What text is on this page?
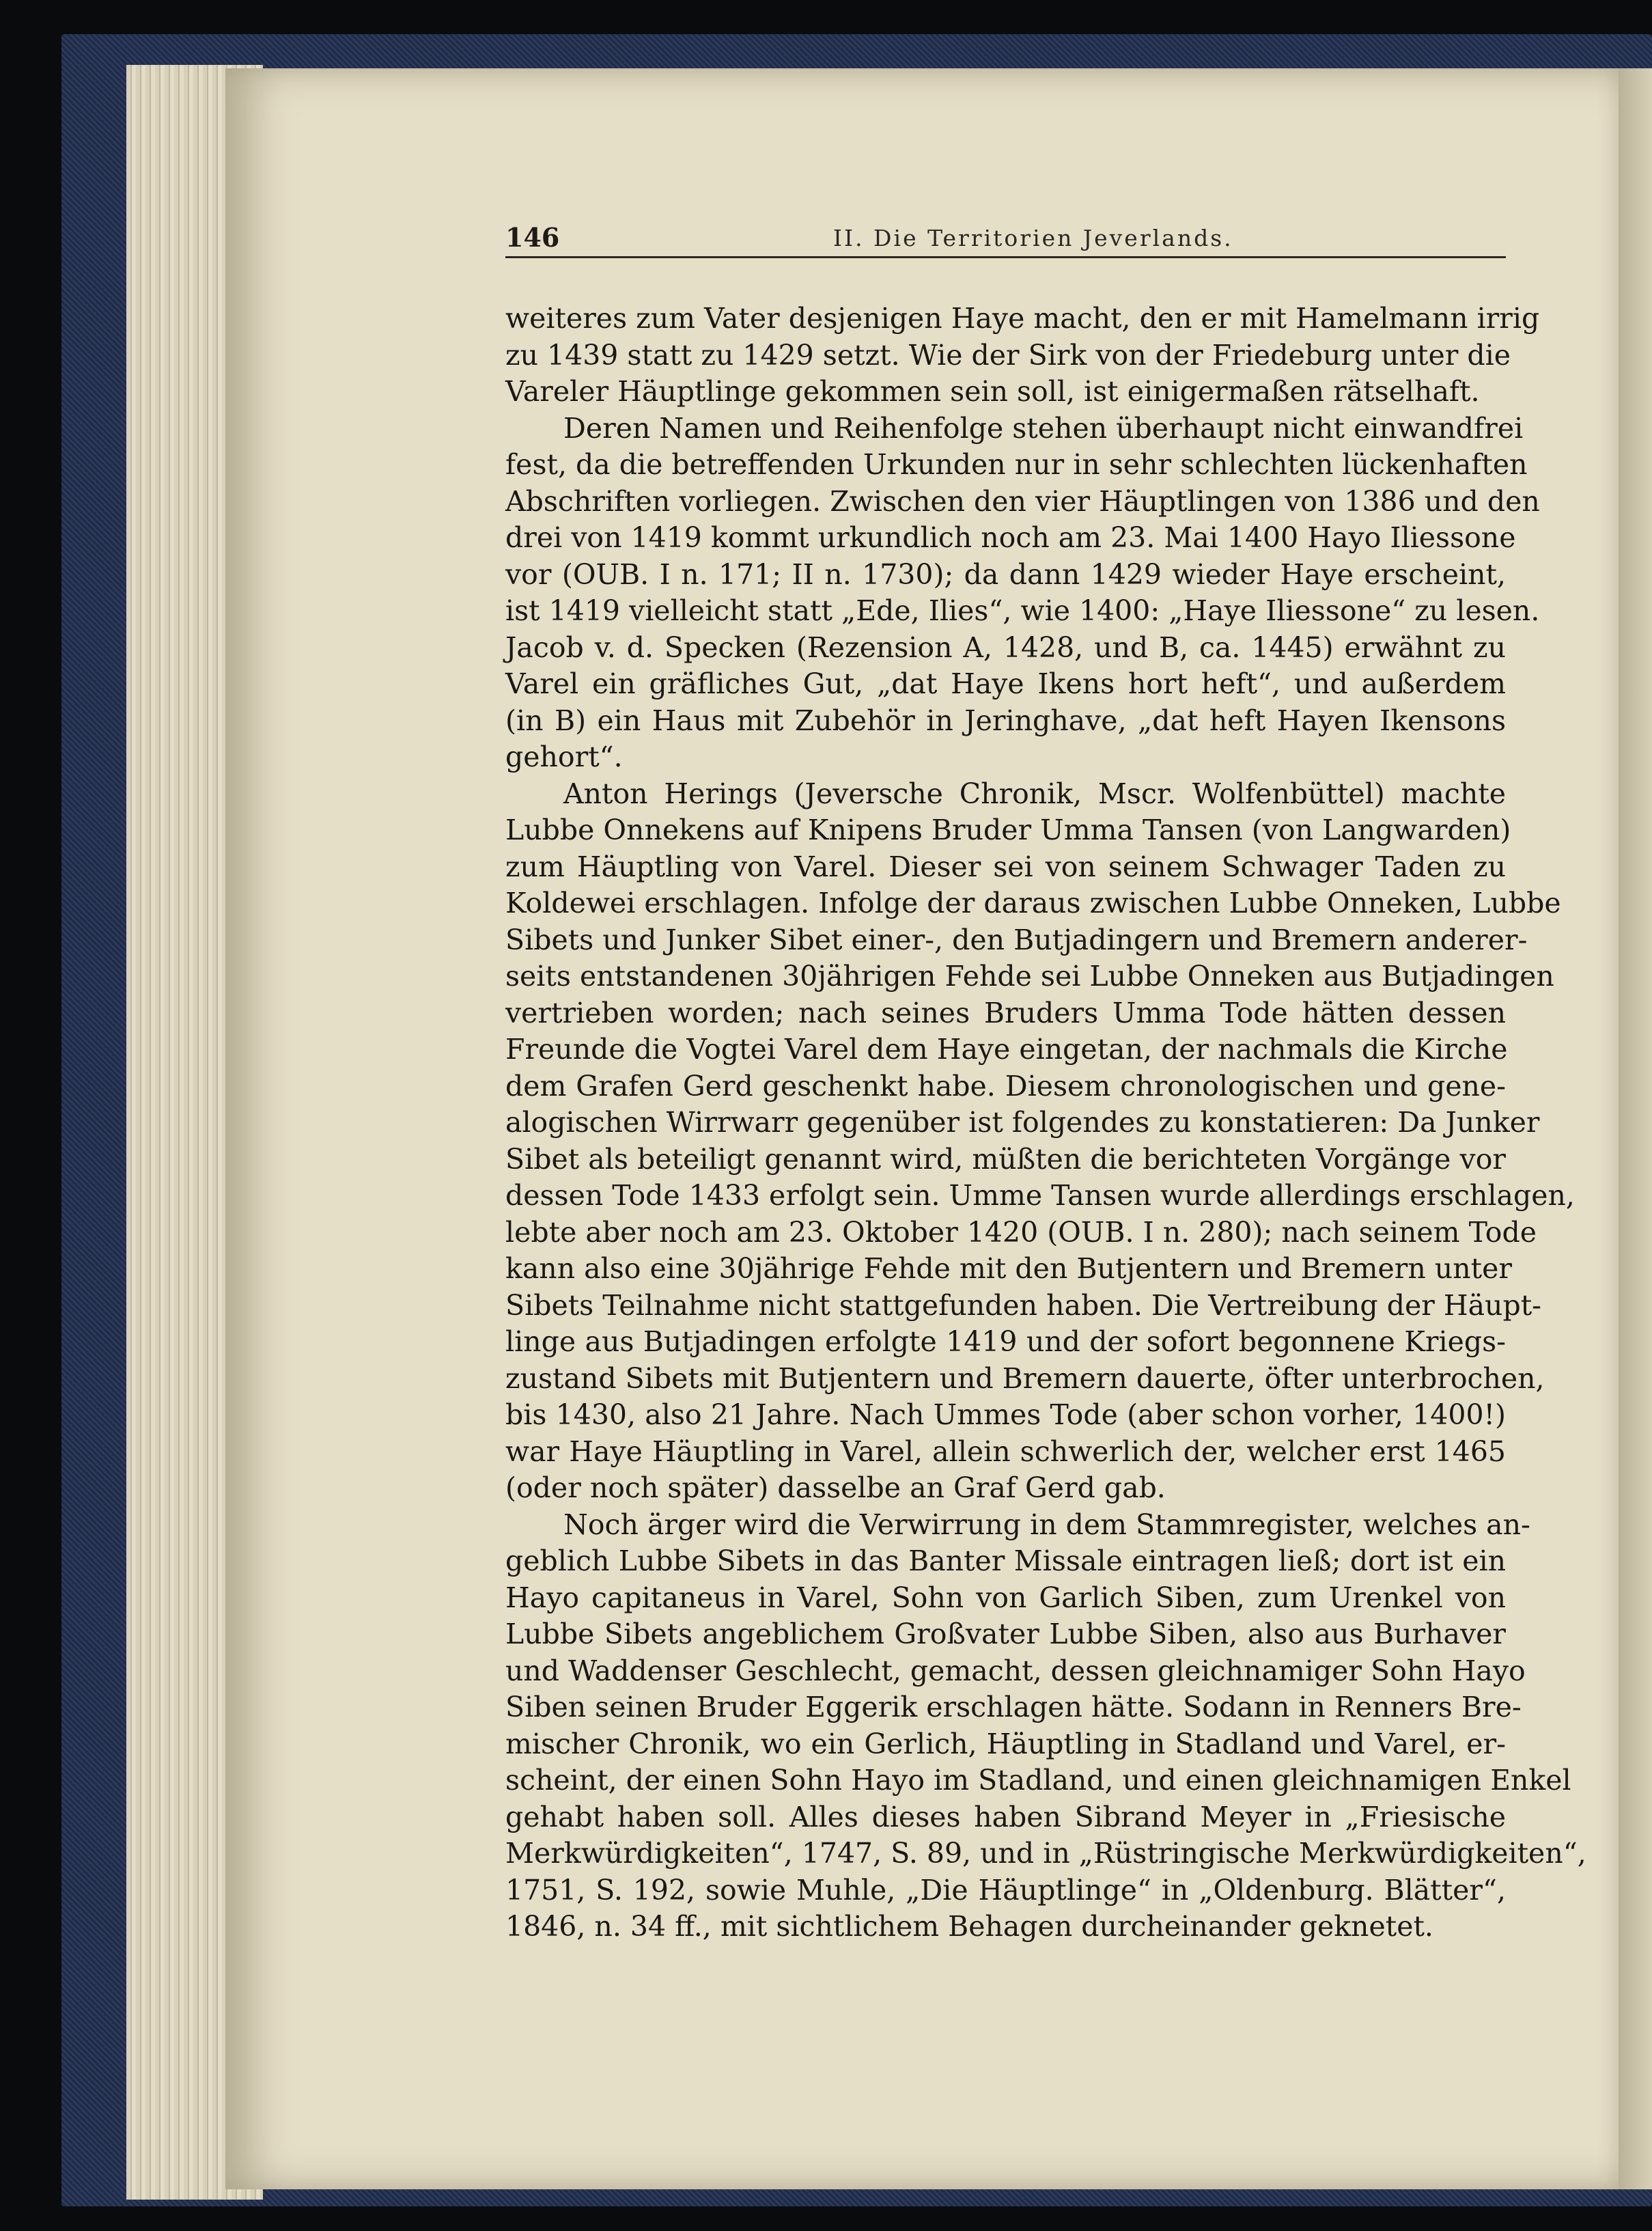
146	II. Die Territorien Jeverlands.
weiteres zum Vater desjenigen Haye macht, den er mit Hamelmann irrig
zu 1439 statt zu 1429 setzt. Wie der Sirk von der Friedeburg unter die
Vareler Häuptlinge gekommen sein soll, ist einigermaßen rätselhaft.
Deren Namen und Reihenfolge stehen überhaupt nicht einwandfrei
fest, da die betreffenden Urkunden nur in sehr schlechten lückenhaften
Abschriften vorliegen. Zwischen den vier Häuptlingen von 1386 und den
drei von 1419 kommt urkundlich noch am 23. Mai 1400 Hayo Iliessone
vor (OUB. I n. 171; II n. 1730); da dann 1429 wieder Haye erscheint,
ist 1419 vielleicht statt „Ede, Ilies“, wie 1400: „Haye Iliessone“ zu lesen.
Jacob v. d. Specken (Rezension A, 1428, und B, ca. 1445) erwähnt zu
Varel ein gräfliches Gut, „dat Haye Ikens hort heft“, und außerdem
(in B) ein Haus mit Zubehör in Jeringhave, „dat heft Hayen Ikensons
gehort“.
Anton Herings (Jeversche Chronik, Mscr. Wolfenbüttel) machte
Lubbe Onnekens auf Knipens Bruder Umma Tansen (von Langwarden)
zum Häuptling von Varel. Dieser sei von seinem Schwager Taden zu
Koldewei erschlagen. Infolge der daraus zwischen Lubbe Onneken, Lubbe
Sibets und Junker Sibet einer-, den Butjadingern und Bremern anderer-
seits entstandenen 30jährigen Fehde sei Lubbe Onneken aus Butjadingen
vertrieben worden; nach seines Bruders Umma Tode hätten dessen
Freunde die Vogtei Varel dem Haye eingetan, der nachmals die Kirche
dem Grafen Gerd geschenkt habe. Diesem chronologischen und gene-
alogischen Wirrwarr gegenüber ist folgendes zu konstatieren: Da Junker
Sibet als beteiligt genannt wird, müßten die berichteten Vorgänge vor
dessen Tode 1433 erfolgt sein. Umme Tansen wurde allerdings erschlagen,
lebte aber noch am 23. Oktober 1420 (OUB. I n. 280); nach seinem Tode
kann also eine 30jährige Fehde mit den Butjentern und Bremern unter
Sibets Teilnahme nicht stattgefunden haben. Die Vertreibung der Häupt-
linge aus Butjadingen erfolgte 1419 und der sofort begonnene Kriegs-
zustand Sibets mit Butjentern und Bremern dauerte, öfter unterbrochen,
bis 1430, also 21 Jahre. Nach Ummes Tode (aber schon vorher, 1400!)
war Haye Häuptling in Varel, allein schwerlich der, welcher erst 1465
(oder noch später) dasselbe an Graf Gerd gab.
Noch ärger wird die Verwirrung in dem Stammregister, welches an-
geblich Lubbe Sibets in das Banter Missale eintragen ließ; dort ist ein
Hayo capitaneus in Varel, Sohn von Garlich Siben, zum Urenkel von
Lubbe Sibets angeblichem Großvater Lubbe Siben, also aus Burhaver
und Waddenser Geschlecht, gemacht, dessen gleichnamiger Sohn Hayo
Siben seinen Bruder Eggerik erschlagen hätte. Sodann in Renners Bre-
mischer Chronik, wo ein Gerlich, Häuptling in Stadland und Varel, er-
scheint, der einen Sohn Hayo im Stadland, und einen gleichnamigen Enkel
gehabt haben soll. Alles dieses haben Sibrand Meyer in „Friesische
Merkwürdigkeiten“, 1747, S. 89, und in „Rüstringische Merkwürdigkeiten“,
1751, S. 192, sowie Muhle, „Die Häuptlinge“ in „Oldenburg. Blätter“,
1846, n. 34 ff., mit sichtlichem Behagen durcheinander geknetet.
